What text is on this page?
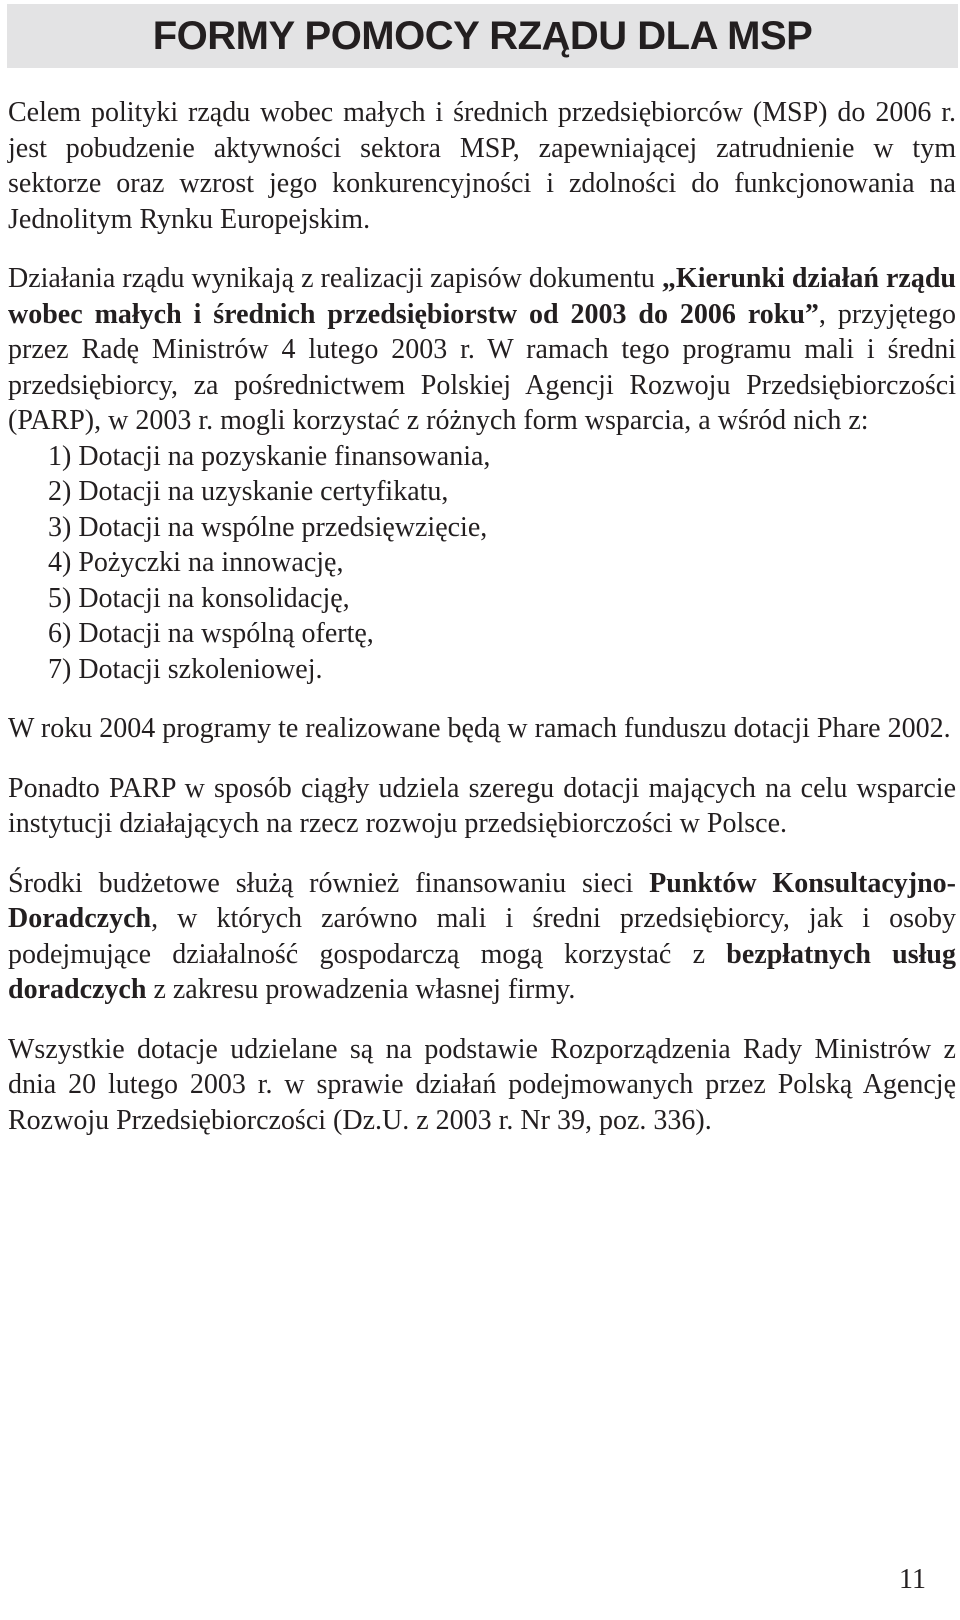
FORMY POMOCY RZĄDU DLA MSP

Celem polityki rządu wobec małych i średnich przedsiębiorców (MSP) do 2006 r. jest pobudzenie aktywności sektora MSP, zapewniającej zatrudnienie w tym sektorze oraz wzrost jego konkurencyjności i zdolności do funkcjonowania na Jednolitym Rynku Europejskim.

Działania rządu wynikają z realizacji zapisów dokumentu „Kierunki działań rządu wobec małych i średnich przedsiębiorstw od 2003 do 2006 roku”, przyjętego przez Radę Ministrów 4 lutego 2003 r. W ramach tego programu mali i średni przedsiębiorcy, za pośrednictwem Polskiej Agencji Rozwoju Przedsiębiorczości (PARP), w 2003 r. mogli korzystać z różnych form wsparcia, a wśród nich z:

1) Dotacji na pozyskanie finansowania,
2) Dotacji na uzyskanie certyfikatu,
3) Dotacji na wspólne przedsięwzięcie,
4) Pożyczki na innowację,
5) Dotacji na konsolidację,
6) Dotacji na wspólną ofertę,
7) Dotacji szkoleniowej.

W roku 2004 programy te realizowane będą w ramach funduszu dotacji Phare 2002.

Ponadto PARP w sposób ciągły udziela szeregu dotacji mających na celu wsparcie instytucji działających na rzecz rozwoju przedsiębiorczości w Polsce.

Środki budżetowe służą również finansowaniu sieci Punktów Konsultacyjno-Doradczych, w których zarówno mali i średni przedsiębiorcy, jak i osoby podejmujące działalność gospodarczą mogą korzystać z bezpłatnych usług doradczych z zakresu prowadzenia własnej firmy.

Wszystkie dotacje udzielane są na podstawie Rozporządzenia Rady Ministrów z dnia 20 lutego 2003 r. w sprawie działań podejmowanych przez Polską Agencję Rozwoju Przedsiębiorczości (Dz.U. z 2003 r. Nr 39, poz. 336).

11
